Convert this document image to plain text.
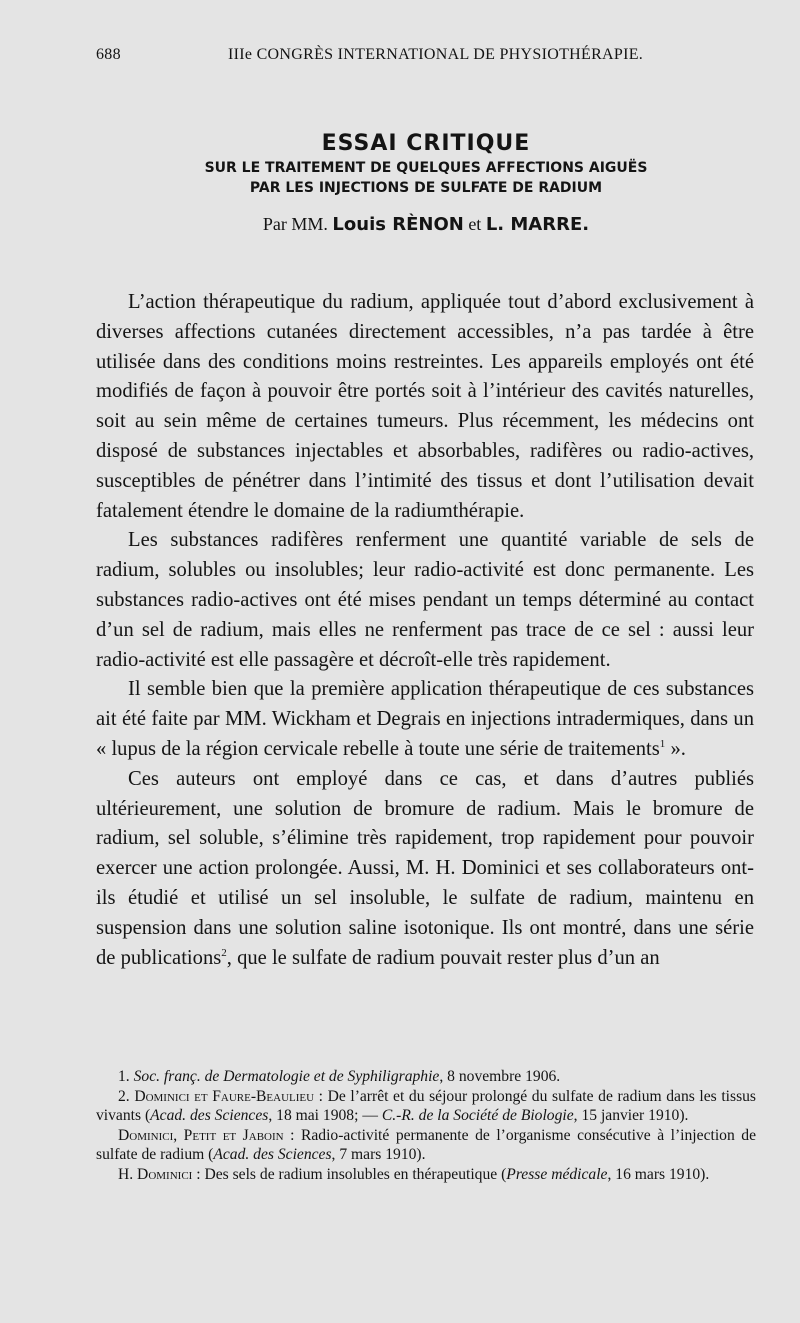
688	IIIe CONGRÈS INTERNATIONAL DE PHYSIOTHÉRAPIE.
ESSAI CRITIQUE
SUR LE TRAITEMENT DE QUELQUES AFFECTIONS AIGUËS
PAR LES INJECTIONS DE SULFATE DE RADIUM
Par MM. Louis RÈNON et L. MARRE.

L’action thérapeutique du radium, appliquée tout d’abord exclusivement à diverses affections cutanées directement accessibles, n’a pas tardée à être utilisée dans des conditions moins restreintes. Les appareils employés ont été modifiés de façon à pouvoir être portés soit à l’intérieur des cavités naturelles, soit au sein même de certaines tumeurs. Plus récemment, les médecins ont disposé de substances injectables et absorbables, radifères ou radio-actives, susceptibles de pénétrer dans l’intimité des tissus et dont l’utilisation devait fatalement étendre le domaine de la radiumthérapie.

Les substances radifères renferment une quantité variable de sels de radium, solubles ou insolubles; leur radio-activité est donc permanente. Les substances radio-actives ont été mises pendant un temps déterminé au contact d’un sel de radium, mais elles ne renferment pas trace de ce sel : aussi leur radio-activité est elle passagère et décroît-elle très rapidement.

Il semble bien que la première application thérapeutique de ces substances ait été faite par MM. Wickham et Degrais en injections intradermiques, dans un « lupus de la région cervicale rebelle à toute une série de traitements$^1$ ».

Ces auteurs ont employé dans ce cas, et dans d’autres publiés ultérieurement, une solution de bromure de radium. Mais le bromure de radium, sel soluble, s’élimine très rapidement, trop rapidement pour pouvoir exercer une action prolongée. Aussi, M. H. Dominici et ses collaborateurs ont-ils étudié et utilisé un sel insoluble, le sulfate de radium, maintenu en suspension dans une solution saline isotonique. Ils ont montré, dans une série de publications$^2$, que le sulfate de radium pouvait rester plus d’un an

1. Soc. franç. de Dermatologie et de Syphiligraphie, 8 novembre 1906.

2. Dominici et Faure-Beaulieu : De l’arrêt et du séjour prolongé du sulfate de radium dans les tissus vivants (Acad. des Sciences, 18 mai 1908; — C.-R. de la Société de Biologie, 15 janvier 1910).

Dominici, Petit et Jaboin : Radio-activité permanente de l’organisme consécutive à l’injection de sulfate de radium (Acad. des Sciences, 7 mars 1910).

H. Dominici : Des sels de radium insolubles en thérapeutique (Presse médicale, 16 mars 1910).
